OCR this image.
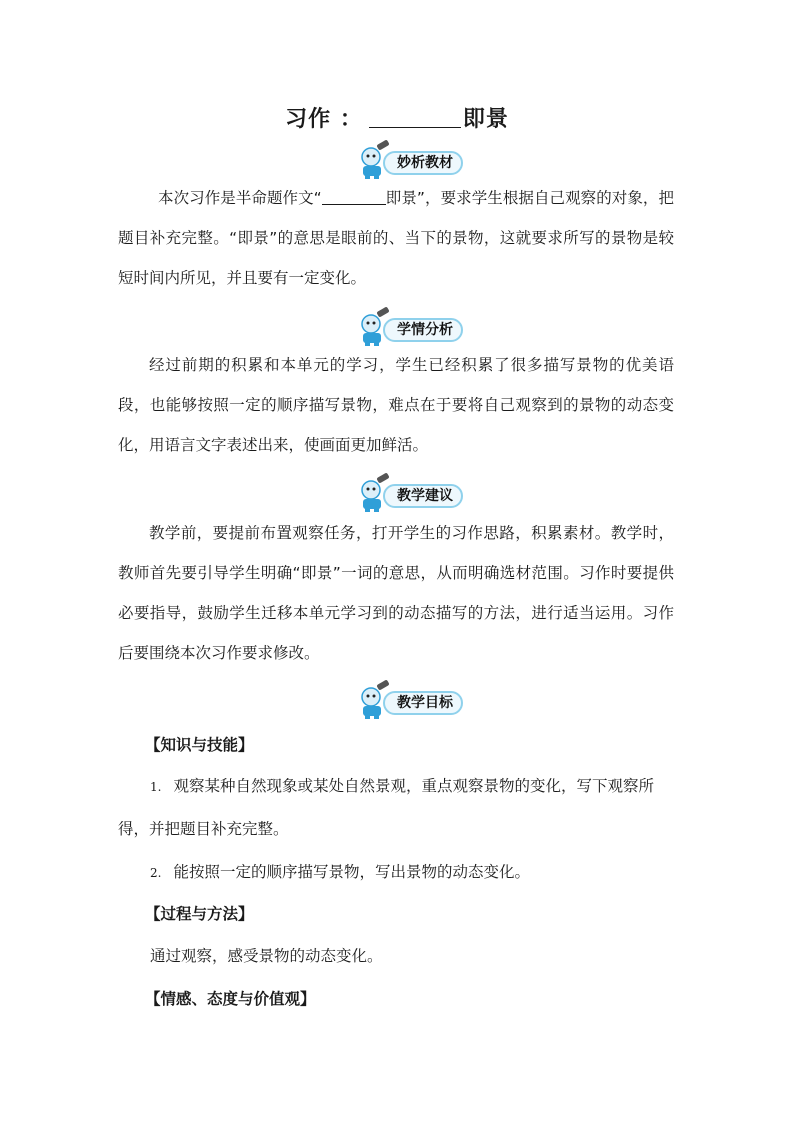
习作 ：	即景
妙析教材

本次习作是半命题作文“	即景”，要求学生根据自己观察的对象，把题目补充完整。“即景”的意思是眼前的、当下的景物，这就要求所写的景物是较短时间内所见，并且要有一定变化。

学情分析

经过前期的积累和本单元的学习，学生已经积累了很多描写景物的优美语段，也能够按照一定的顺序描写景物，难点在于要将自己观察到的景物的动态变化，用语言文字表述出来，使画面更加鲜活。

教学建议

教学前，要提前布置观察任务，打开学生的习作思路，积累素材。教学时，教师首先要引导学生明确“即景”一词的意思，从而明确选材范围。习作时要提供必要指导，鼓励学生迁移本单元学习到的动态描写的方法，进行适当运用。习作后要围绕本次习作要求修改。

教学目标
【知识与技能】
1. 观察某种自然现象或某处自然景观，重点观察景物的变化，写下观察所
得，并把题目补充完整。
2. 能按照一定的顺序描写景物，写出景物的动态变化。
【过程与方法】
通过观察，感受景物的动态变化。
【情感、态度与价值观】
